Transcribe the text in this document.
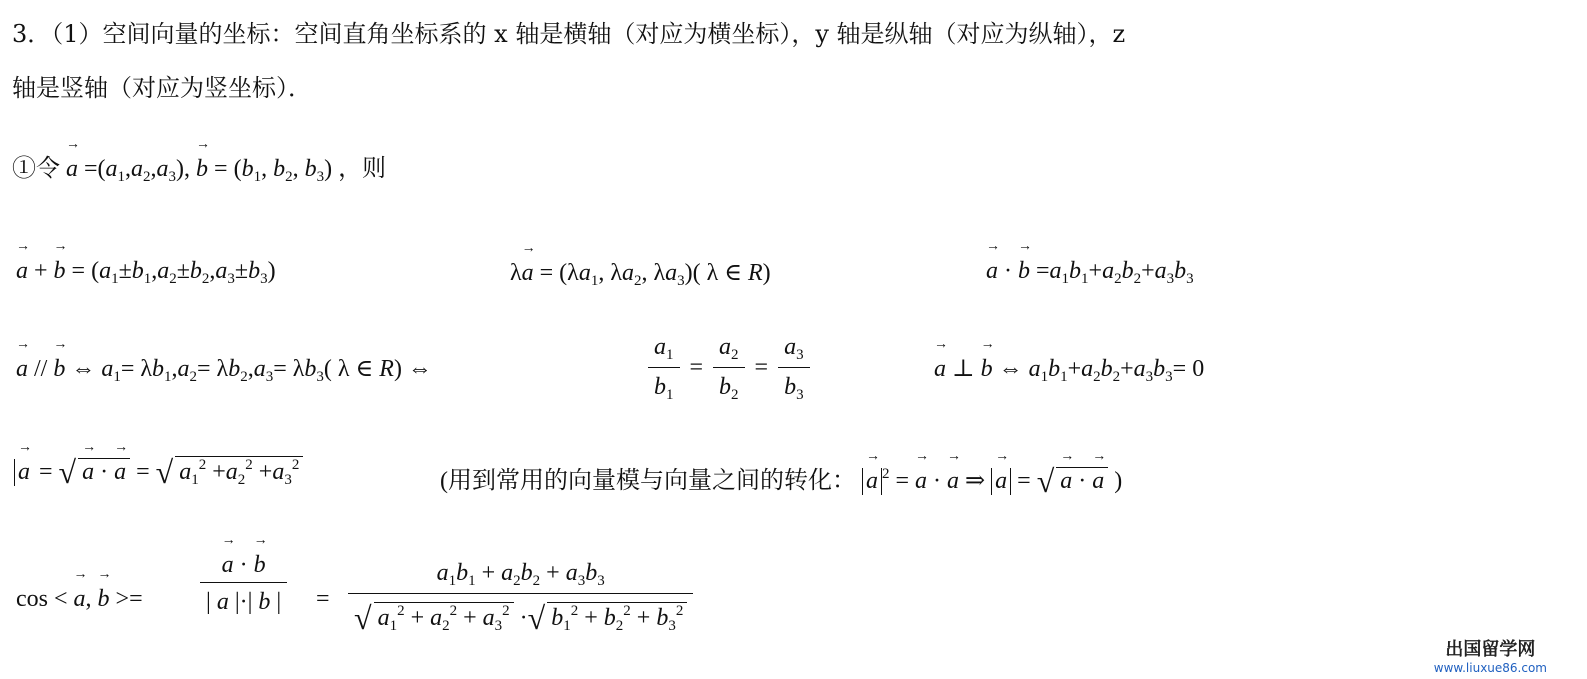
3．（1）空间向量的坐标：空间直角坐标系的 x 轴是横轴（对应为横坐标），y 轴是纵轴（对应为纵轴），z
轴是竖轴（对应为竖坐标）．
①令 → $a =(a_1,a_2,a_3)$, → $b = (b_1$, $b_2$, $b_3$) ，则
→ a + → $b = (a_1\pm b_1,a_2\pm b_2,a_3\pm b_3)$	$\lambda\to a = (\lambda a_1$, $\lambda a_2$, $\lambda a_3$)( λ ∈ R)	→ a · → $b =a_1b_1+a_2b_2+a_3b_3$
→ a // → b ⇔ $a_1= \lambda b_1,a_2= \lambda b_2,a_3= \lambda b_3$( λ ∈ R) ⇔	$\frac{a_1}{b_1} = \frac{a_2}{b_2} = \frac{a_3}{b_3}$	→ a ⊥ → b ⇔ $a_1b_1+a_2b_2+a_3b_3= 0$
→ a = √ → a · → a = √ $a_1^2 +a_2^2 +a_3^2$
(用到常用的向量模与向量之间的转化： → a $^2$ = → a · → a ⇒ → a = √ → a · → a )
cos < → a, → b >= → $\frac{a \cdot \to b}{| a |\cdot| b |} = \frac{a_1b_1 + a_2b_2 + a_3b_3}{√ a_1^2 + a_2^2 + a_3^2 \cdot√ b_1^2 + b_2^2 + b_3^2}$
出国留学网
www.liuxue86.com
